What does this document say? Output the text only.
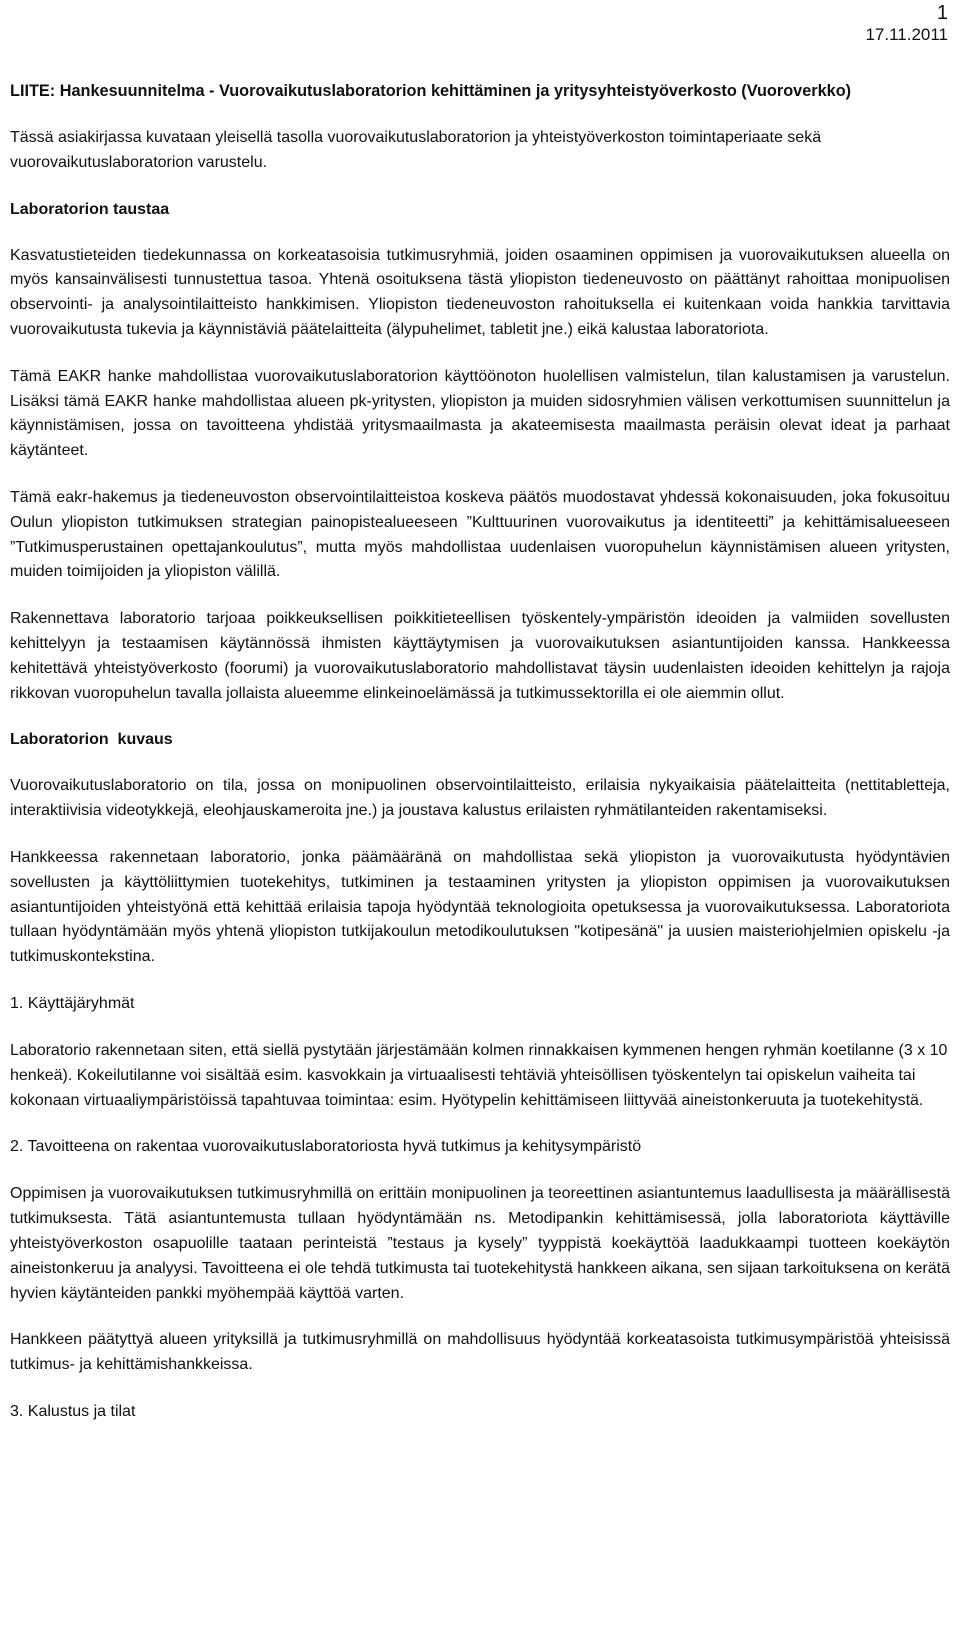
1
17.11.2011
LIITE: Hankesuunnitelma - Vuorovaikutuslaboratorion kehittäminen ja yritysyhteistyöverkosto (Vuoroverkko)

Tässä asiakirjassa kuvataan yleisellä tasolla vuorovaikutuslaboratorion ja yhteistyöverkoston toimintaperiaate sekä vuorovaikutuslaboratorion varustelu.

Laboratorion taustaa

Kasvatustieteiden tiedekunnassa on korkeatasoisia tutkimusryhmiä, joiden osaaminen oppimisen ja vuorovaikutuksen alueella on myös kansainvälisesti tunnustettua tasoa. Yhtenä osoituksena tästä yliopiston tiedeneuvosto on päättänyt rahoittaa monipuolisen observointi- ja analysointilaitteisto hankkimisen. Yliopiston tiedeneuvoston rahoituksella ei kuitenkaan voida hankkia tarvittavia vuorovaikutusta tukevia ja käynnistäviä päätelaitteita (älypuhelimet, tabletit jne.) eikä kalustaa laboratoriota.

Tämä EAKR hanke mahdollistaa vuorovaikutuslaboratorion käyttöönoton huolellisen valmistelun, tilan kalustamisen ja varustelun. Lisäksi tämä EAKR hanke mahdollistaa alueen pk-yritysten, yliopiston ja muiden sidosryhmien välisen verkottumisen suunnittelun ja käynnistämisen, jossa on tavoitteena yhdistää yritysmaailmasta ja akateemisesta maailmasta peräisin olevat ideat ja parhaat käytänteet.

Tämä eakr-hakemus ja tiedeneuvoston observointilaitteistoa koskeva päätös muodostavat yhdessä kokonaisuuden, joka fokusoituu Oulun yliopiston tutkimuksen strategian painopistealueeseen ”Kulttuurinen vuorovaikutus ja identiteetti” ja kehittämisalueeseen ”Tutkimusperustainen opettajankoulutus”, mutta myös mahdollistaa uudenlaisen vuoropuhelun käynnistämisen alueen yritysten, muiden toimijoiden ja yliopiston välillä.

Rakennettava laboratorio tarjoaa poikkeuksellisen poikkitieteellisen työskentely-ympäristön ideoiden ja valmiiden sovellusten kehittelyyn ja testaamisen käytännössä ihmisten käyttäytymisen ja vuorovaikutuksen asiantuntijoiden kanssa. Hankkeessa kehitettävä yhteistyöverkosto (foorumi) ja vuorovaikutuslaboratorio mahdollistavat täysin uudenlaisten ideoiden kehittelyn ja rajoja rikkovan vuoropuhelun tavalla jollaista alueemme elinkeinoelämässä ja tutkimussektorilla ei ole aiemmin ollut.

Laboratorion  kuvaus

Vuorovaikutuslaboratorio on tila, jossa on monipuolinen observointilaitteisto, erilaisia nykyaikaisia päätelaitteita (nettitabletteja, interaktiivisia videotykkejä, eleohjauskameroita jne.) ja joustava kalustus erilaisten ryhmätilanteiden rakentamiseksi.

Hankkeessa rakennetaan laboratorio, jonka päämääränä on mahdollistaa sekä yliopiston ja vuorovaikutusta hyödyntävien sovellusten ja käyttöliittymien tuotekehitys, tutkiminen ja testaaminen yritysten ja yliopiston oppimisen ja vuorovaikutuksen asiantuntijoiden yhteistyönä että kehittää erilaisia tapoja hyödyntää teknologioita opetuksessa ja vuorovaikutuksessa. Laboratoriota tullaan hyödyntämään myös yhtenä yliopiston tutkijakoulun metodikoulutuksen "kotipesänä" ja uusien maisteriohjelmien opiskelu -ja tutkimuskontekstina.

1. Käyttäjäryhmät

Laboratorio rakennetaan siten, että siellä pystytään järjestämään kolmen rinnakkaisen kymmenen hengen ryhmän koetilanne (3 x 10 henkeä). Kokeilutilanne voi sisältää esim. kasvokkain ja virtuaalisesti tehtäviä yhteisöllisen työskentelyn tai opiskelun vaiheita tai kokonaan virtuaaliympäristöissä tapahtuvaa toimintaa: esim. Hyötypelin kehittämiseen liittyvää aineistonkeruuta ja tuotekehitystä.

2. Tavoitteena on rakentaa vuorovaikutuslaboratoriosta hyvä tutkimus ja kehitysympäristö

Oppimisen ja vuorovaikutuksen tutkimusryhmillä on erittäin monipuolinen ja teoreettinen asiantuntemus laadullisesta ja määrällisestä tutkimuksesta. Tätä asiantuntemusta tullaan hyödyntämään ns. Metodipankin kehittämisessä, jolla laboratoriota käyttäville yhteistyöverkoston osapuolille taataan perinteistä ”testaus ja kysely” tyyppistä koekäyttöä laadukkaampi tuotteen koekäytön aineistonkeruu ja analyysi. Tavoitteena ei ole tehdä tutkimusta tai tuotekehitystä hankkeen aikana, sen sijaan tarkoituksena on kerätä hyvien käytänteiden pankki myöhempää käyttöä varten.

Hankkeen päätyttyä alueen yrityksillä ja tutkimusryhmillä on mahdollisuus hyödyntää korkeatasoista tutkimusympäristöä yhteisissä tutkimus- ja kehittämishankkeissa.

3. Kalustus ja tilat
